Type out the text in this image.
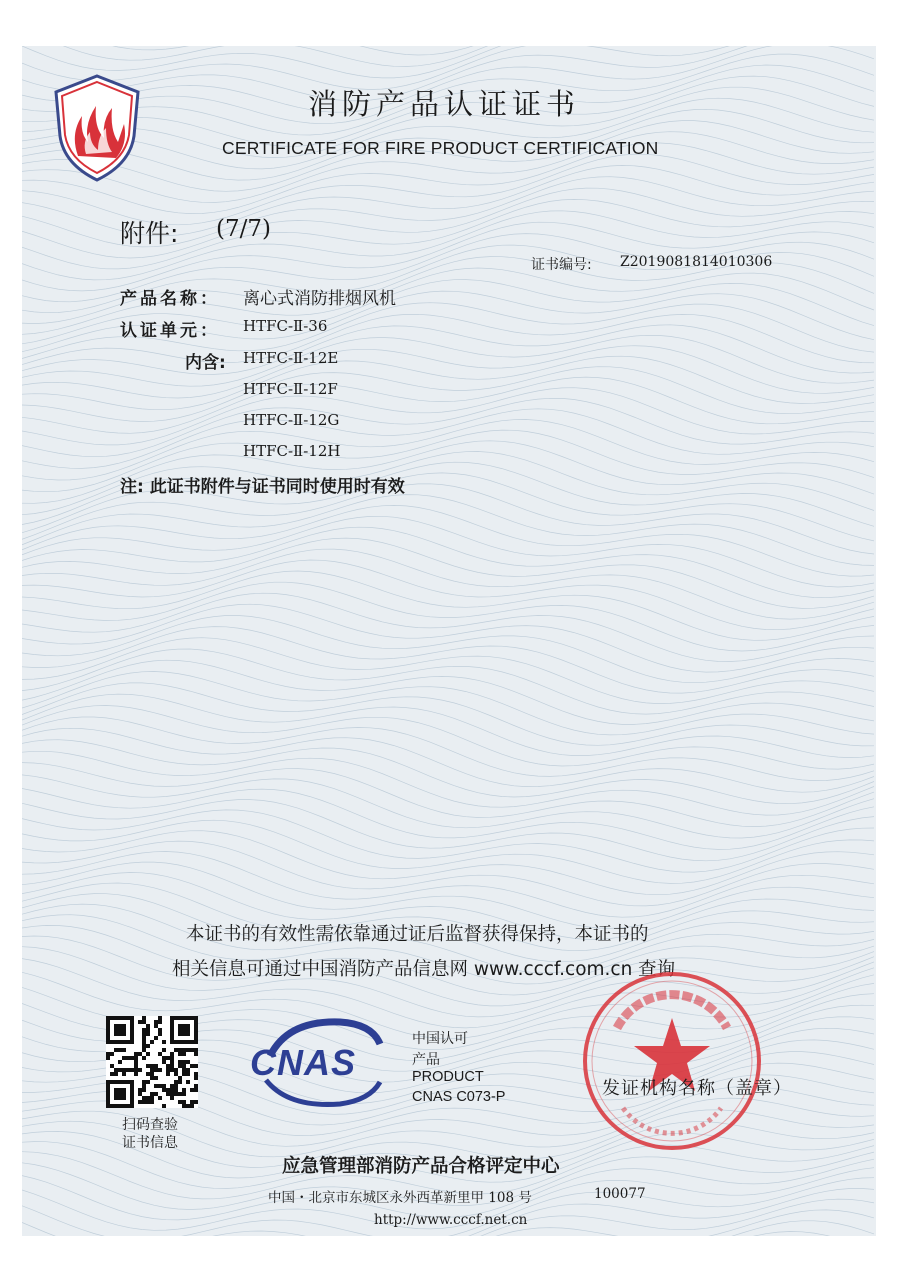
消防产品认证证书
CERTIFICATE FOR FIRE PRODUCT CERTIFICATION
附件: (7/7)
证书编号: Z2019081814010306
产品名称： 离心式消防排烟风机
认证单元： HTFC-Ⅱ-36
内含: HTFC-Ⅱ-12E
HTFC-Ⅱ-12F
HTFC-Ⅱ-12G
HTFC-Ⅱ-12H
注: 此证书附件与证书同时使用时有效
本证书的有效性需依靠通过证后监督获得保持，本证书的
相关信息可通过中国消防产品信息网 www.cccf.com.cn 查询
扫码查验
证书信息
CNAS
中国认可
产品
PRODUCT
CNAS C073-P	发证机构名称（盖章）
应急管理部消防产品合格评定中心
中国・北京市东城区永外西革新里甲 108 号	100077
http://www.cccf.net.cn
